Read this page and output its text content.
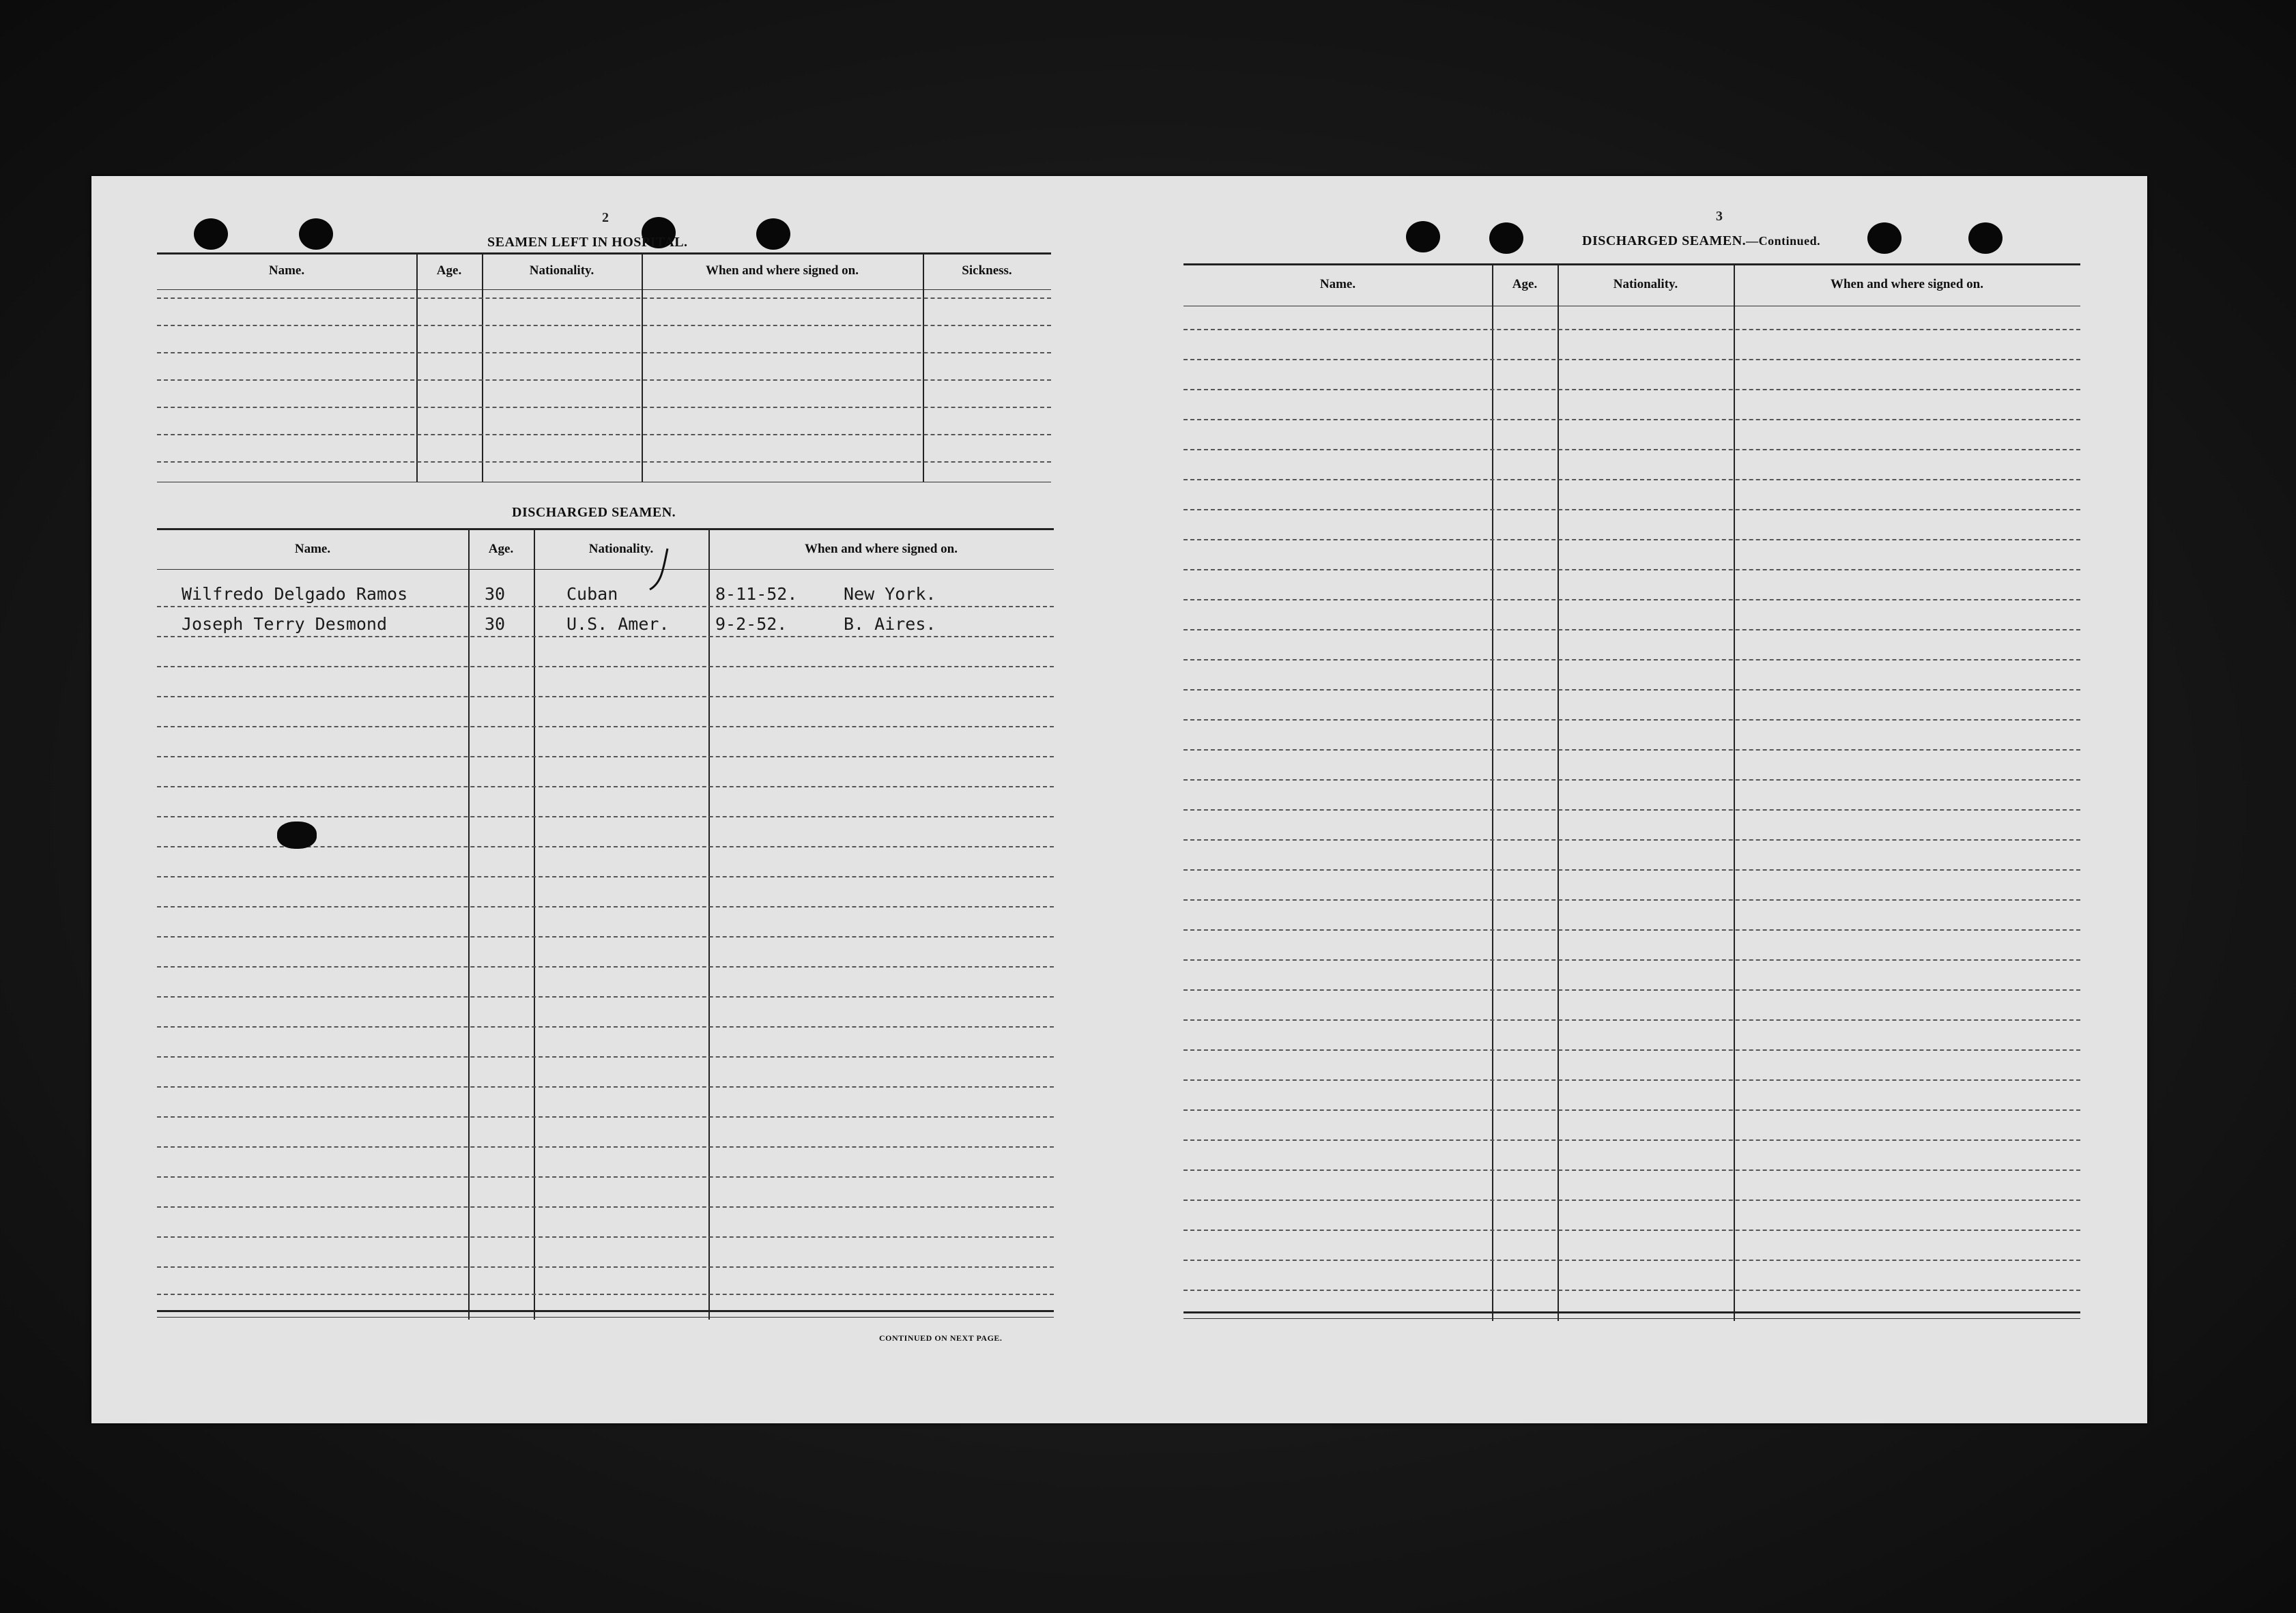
2
SEAMEN LEFT IN HOSPITAL.
Name.	Age.	Nationality.	When and where signed on.	Sickness.
DISCHARGED SEAMEN.
Name.	Age.	Nationality.	When and where signed on.
Wilfredo Delgado Ramos	30	Cuban	8-11-52.	New York.
Joseph Terry Desmond	30	U.S. Amer.	9-2-52.	B. Aires.
CONTINUED ON NEXT PAGE.
3
DISCHARGED SEAMEN.—Continued.
Name.	Age.	Nationality.	When and where signed on.
